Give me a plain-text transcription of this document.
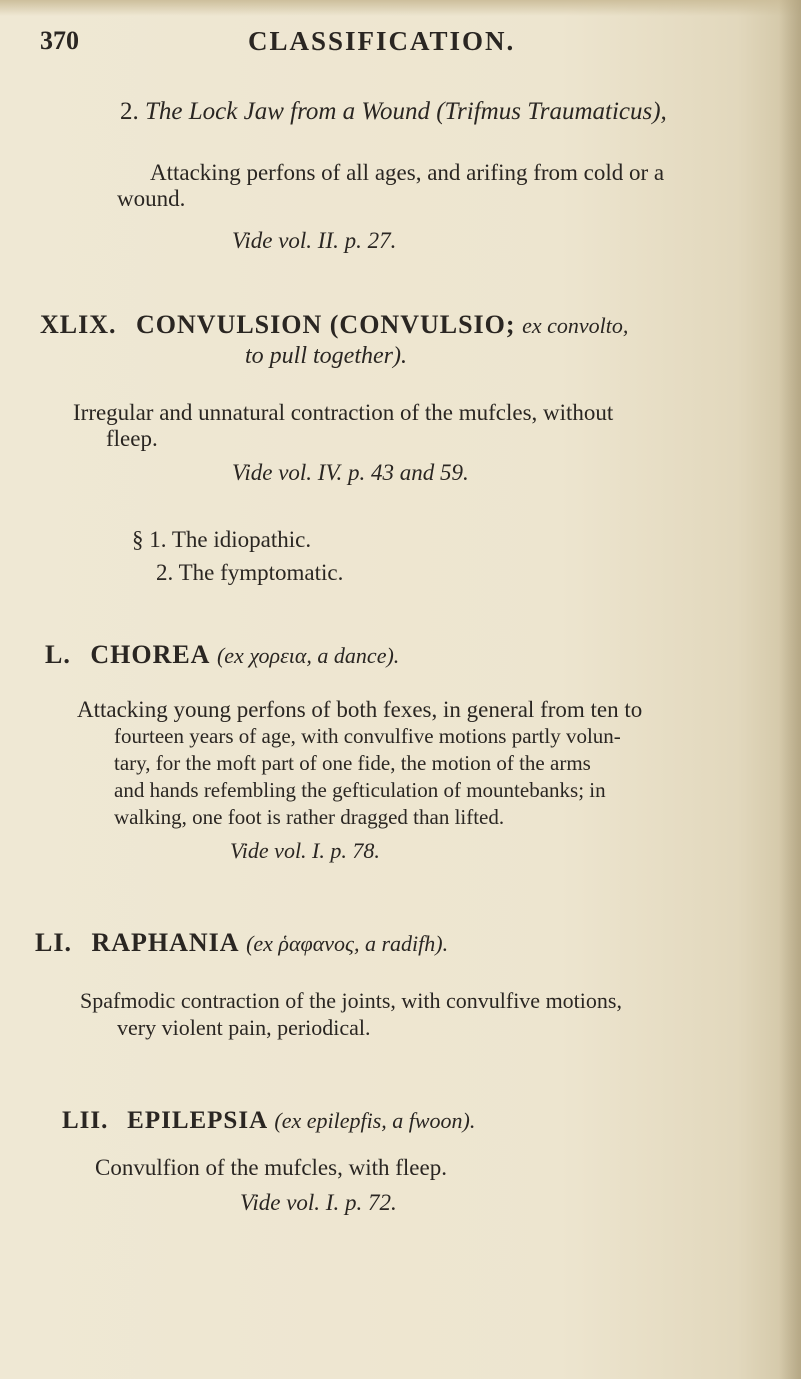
370	CLASSIFICATION.
2. The Lock Jaw from a Wound (Trifmus Traumaticus),
Attacking perfons of all ages, and arifing from cold or a
wound.
Vide vol. II. p. 27.
XLIX. CONVULSION (CONVULSIO; ex convolto,
to pull together).
Irregular and unnatural contraction of the mufcles, without
fleep.
Vide vol. IV. p. 43 and 59.
§ 1. The idiopathic.
2. The fymptomatic.
L. CHOREA (ex χορεια, a dance).
Attacking young perfons of both fexes, in general from ten to
fourteen years of age, with convulfive motions partly volun-
tary, for the moft part of one fide, the motion of the arms
and hands refembling the gefticulation of mountebanks; in
walking, one foot is rather dragged than lifted.
Vide vol. I. p. 78.
LI. RAPHANIA (ex ῥαφανος, a radifh).
Spafmodic contraction of the joints, with convulfive motions,
very violent pain, periodical.
LII. EPILEPSIA (ex epilepfis, a fwoon).
Convulfion of the mufcles, with fleep.
Vide vol. I. p. 72.
